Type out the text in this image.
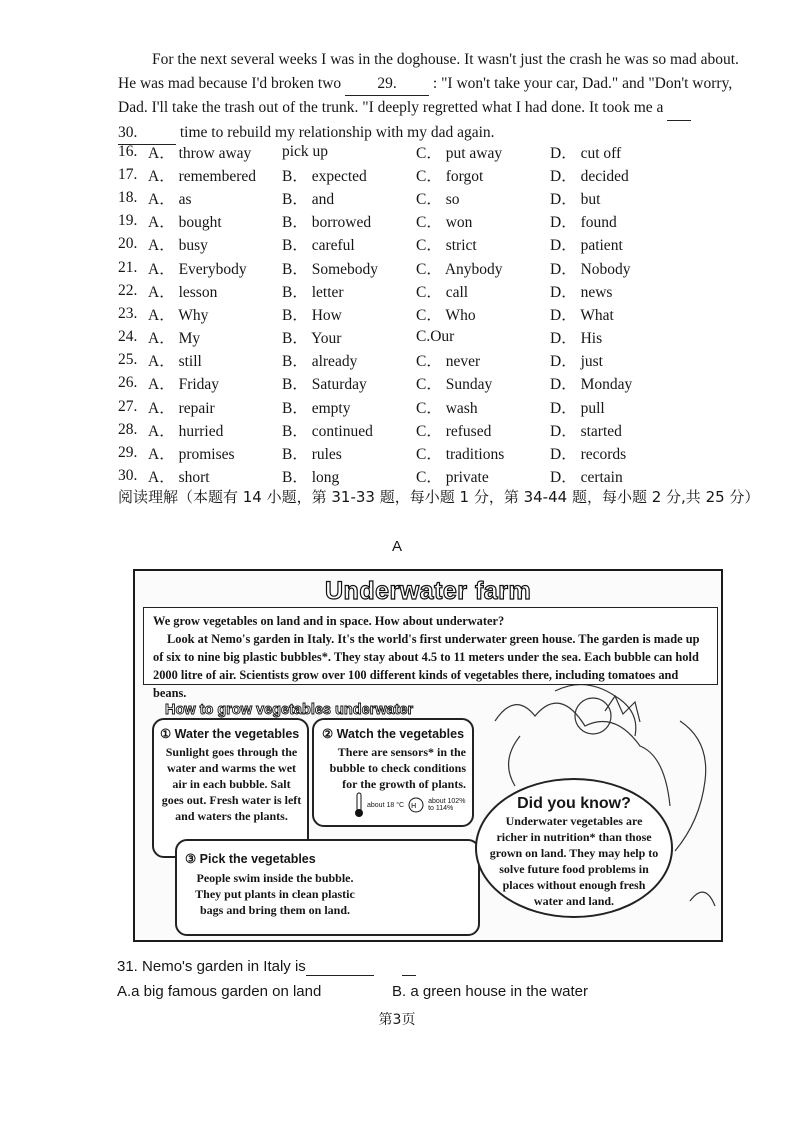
For the next several weeks I was in the doghouse. It wasn't just the crash he was so mad about.

He was mad because I'd broken two 29. : "I won't take your car, Dad." and "Don't worry,

Dad. I'll take the trash out of the trunk. "I deeply regretted what I had done. It took me a

30.	time to rebuild my relationship with my dad again.

16. A． throw away	pick up	C． put away	D． cut off
17. A． remembered	B． expected	C． forgot	D． decided
18. A． as	B． and	C． so	D． but
19. A． bought	B． borrowed	C． won	D． found
20. A． busy	B． careful	C． strict	D． patient
21. A． Everybody	B． Somebody	C． Anybody	D． Nobody
22. A． lesson	B． letter	C． call	D． news
23. A． Why	B． How	C． Who	D． What
24. A． My	B． Your	C.Our	D． His
25. A． still	B． already	C． never	D． just
26. A． Friday	B． Saturday	C． Sunday	D． Monday
27. A． repair	B． empty	C． wash	D． pull
28. A． hurried	B． continued	C． refused	D． started
29. A． promises	B． rules	C． traditions	D． records
30. A． short	B． long	C． private	D． certain
阅读理解（本题有 14 小题，第 31-33 题，每小题 1 分，第 34-44 题，每小题 2 分,共 25 分）
A
Underwater farm

We grow vegetables on land and in space. How about underwater?

Look at Nemo's garden in Italy. It's the world's first underwater green house. The garden is made up of six to nine big plastic bubbles*. They stay about 4.5 to 11 meters under the sea. Each bubble can hold 2000 litre of air. Scientists grow over 100 different kinds of vegetables there, including tomatoes and beans.

How to grow vegetables underwater
① Water the vegetables
Sunlight goes through the water and warms the wet air in each bubble. Salt goes out. Fresh water is left and waters the plants.
② Watch the vegetables
There are sensors* in the bubble to check conditions for the growth of plants.
about 18 °C H
about 102% to 114%
③ Pick the vegetables
People swim inside the bubble. They put plants in clean plastic bags and bring them on land.
Did you know?
Underwater vegetables are richer in nutrition* than those grown on land. They may help to solve future food problems in places without enough fresh water and land.
31. Nemo's garden in Italy is
A.a big famous garden on land	B. a green house in the water
第3页
